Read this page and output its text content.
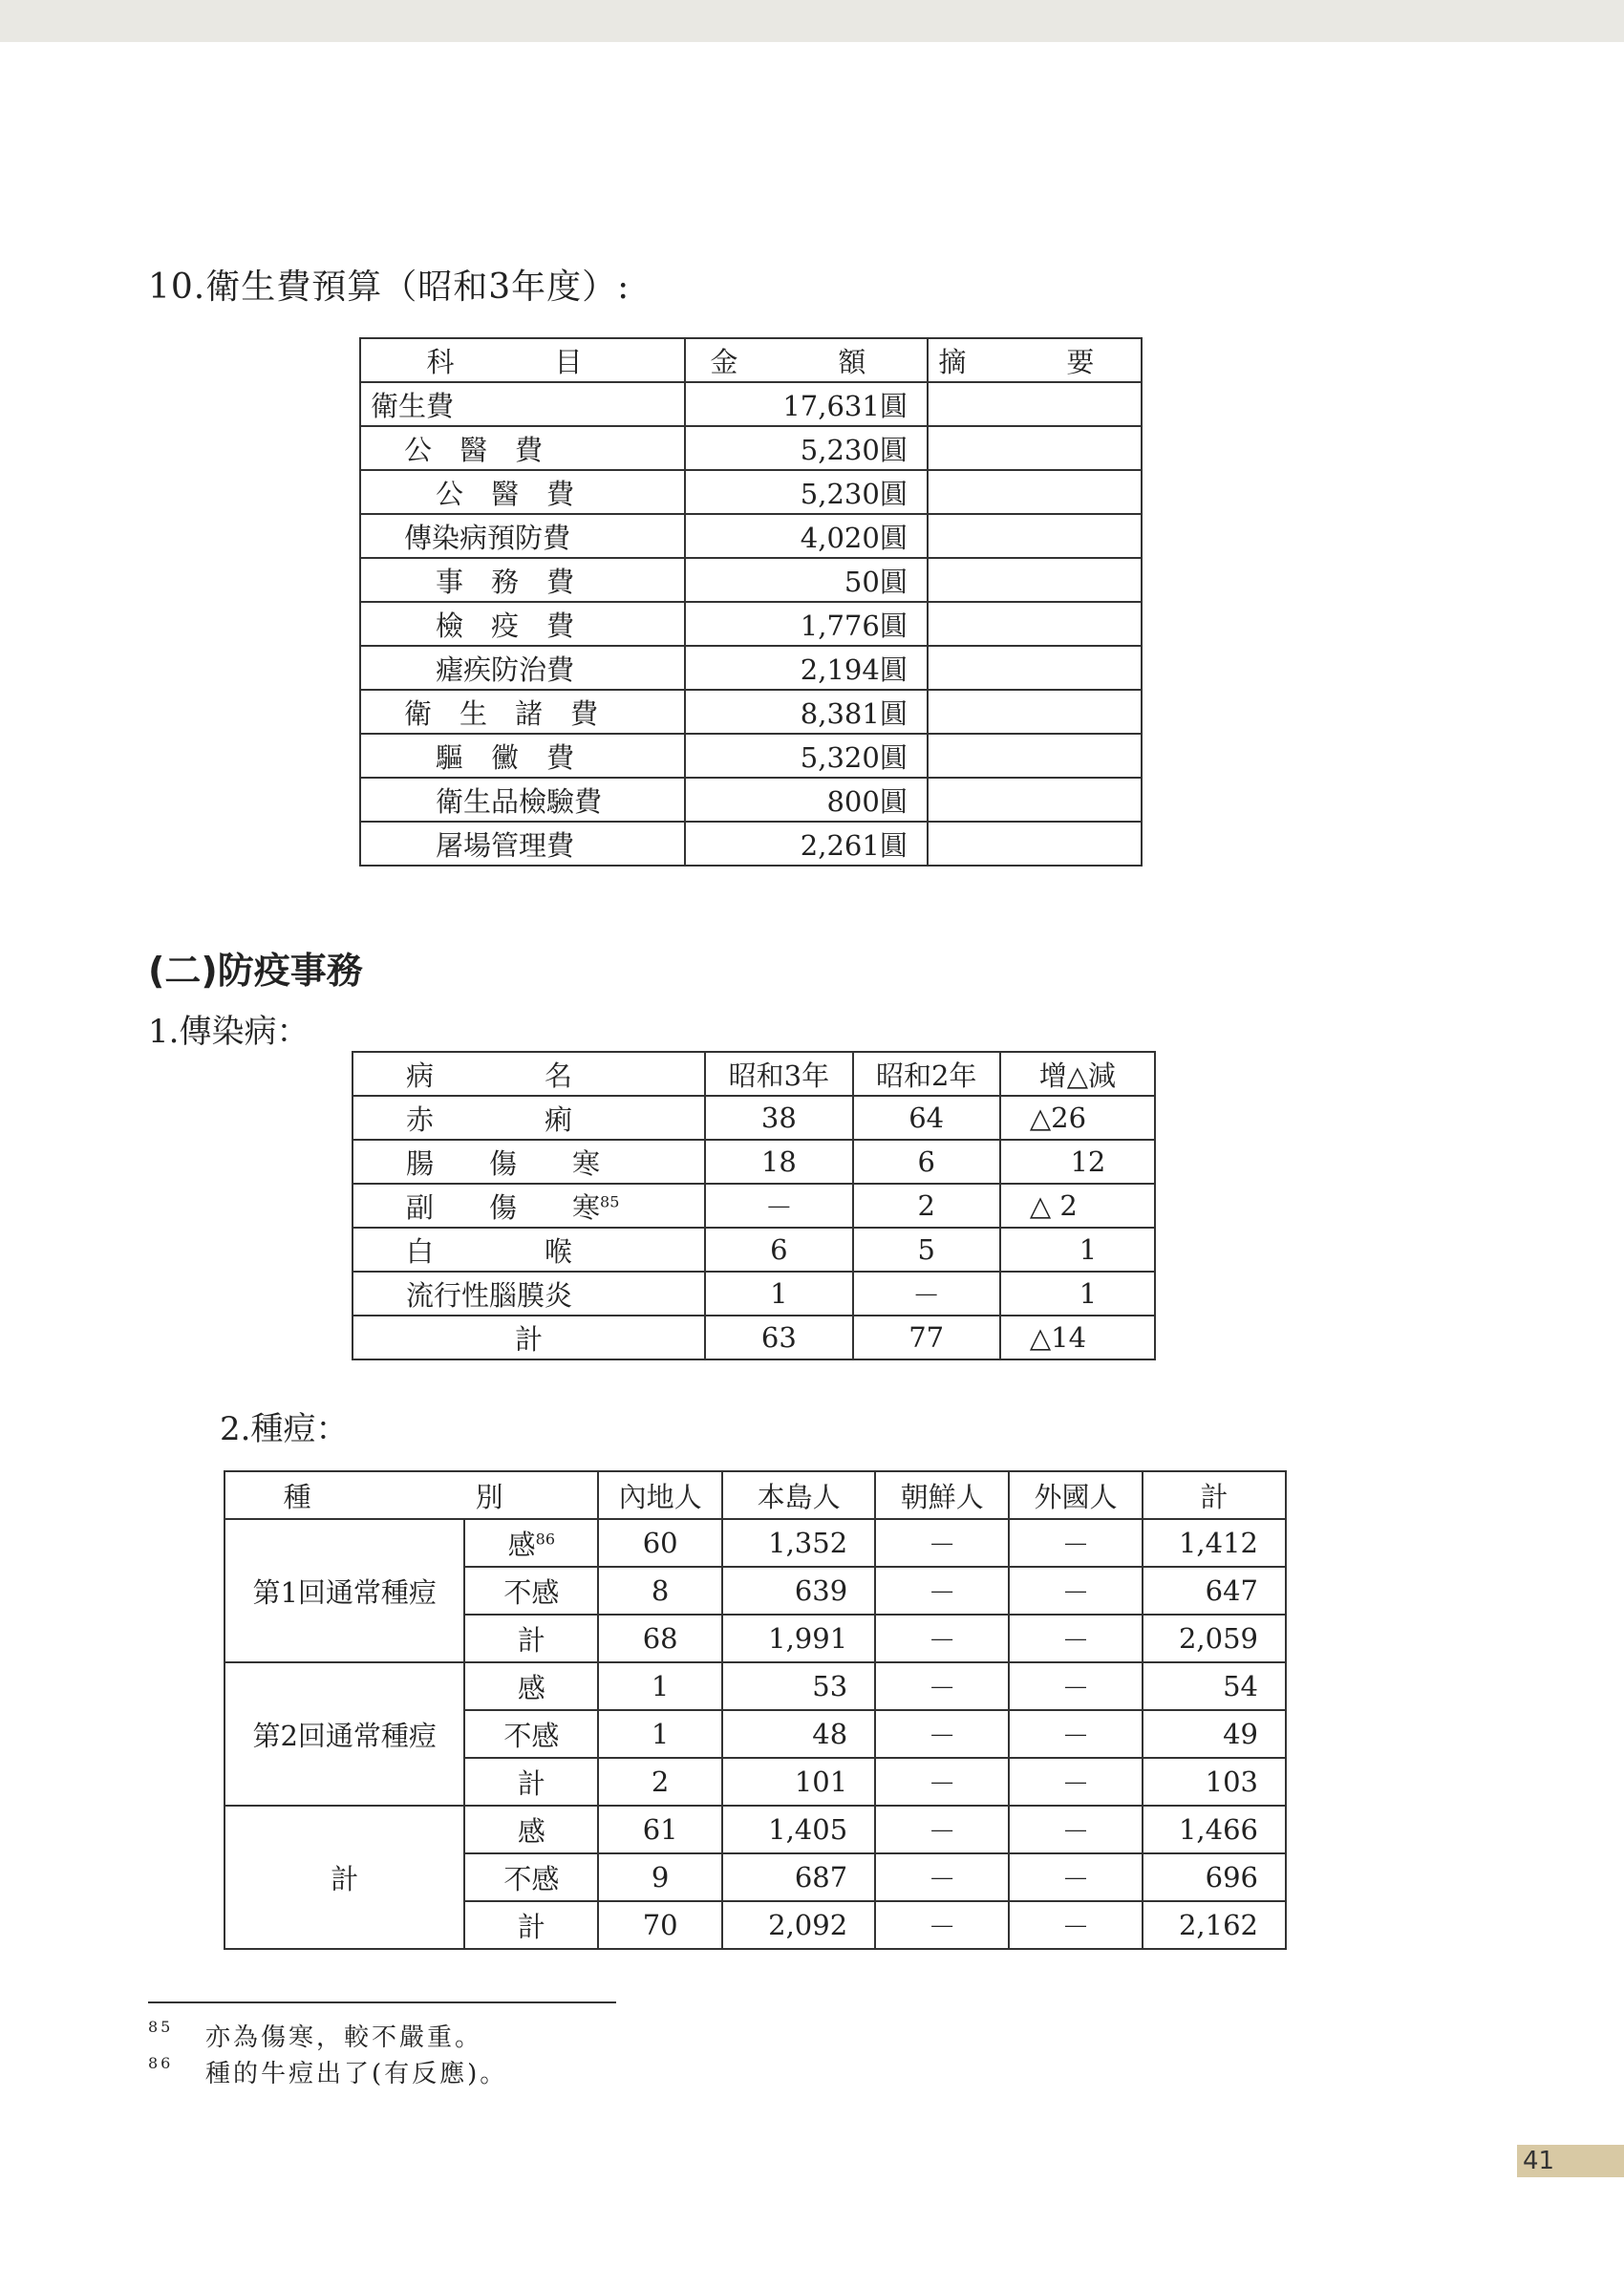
10.衛生費預算（昭和3年度）:
科　目	金　額	摘　要
衛生費	17,631圓	
公　醫　費	5,230圓	
公　醫　費	5,230圓	
傳染病預防費	4,020圓	
事　務　費	50圓	
檢　疫　費	1,776圓	
瘧疾防治費	2,194圓	
衛　生　諸　費	8,381圓	
驅　黴　費	5,320圓	
衛生品檢驗費	800圓	
屠場管理費	2,261圓	
(二)防疫事務
1.傳染病：
病　　　　名	昭和3年	昭和2年	增△減
赤　　　　痢	38	64	△26
腸　　傷　　寒	18	6	12
副　　傷　　寒$^{85}$	－	2	△ 2
白　　　　喉	6	5	1
流行性腦膜炎	1	－	1
計	63	77	△14
2.種痘：
種　　別		內地人	本島人	朝鮮人	外國人	計
第1回通常種痘	感$^{86}$	60	1,352	－	－	1,412
	不感	8	639	－	－	647
	計	68	1,991	－	－	2,059
第2回通常種痘	感	1	53	－	－	54
	不感	1	48	－	－	49
	計	2	101	－	－	103
計	感	61	1,405	－	－	1,466
	不感	9	687	－	－	696
	計	70	2,092	－	－	2,162
85 亦為傷寒，較不嚴重。
86 種的牛痘出了(有反應)。
41
